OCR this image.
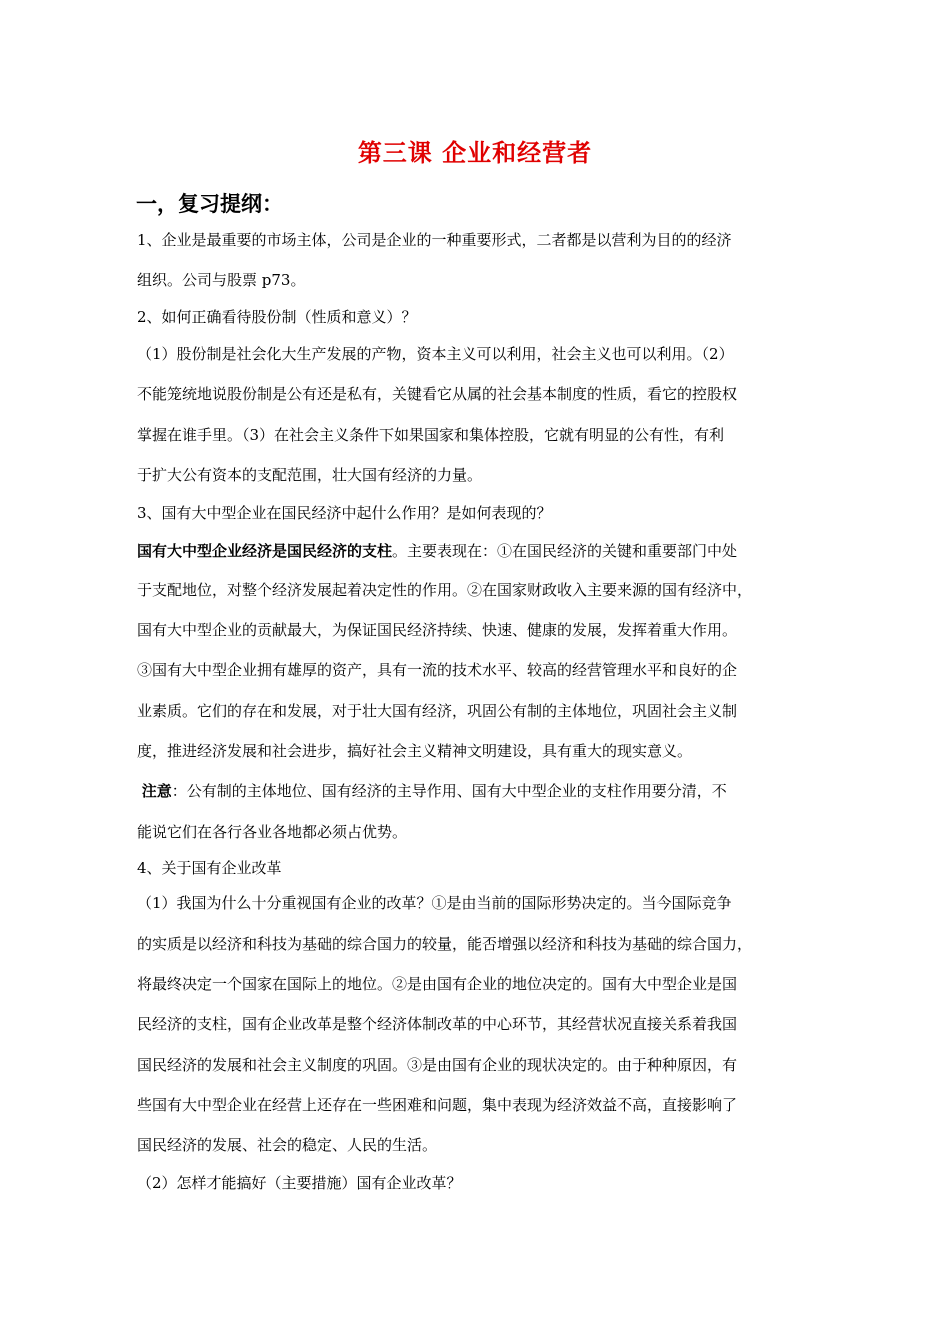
第三课 企业和经营者
一，复习提纲：
1、企业是最重要的市场主体，公司是企业的一种重要形式，二者都是以营利为目的的经济
组织。公司与股票 p73。
2、如何正确看待股份制（性质和意义）？
（1）股份制是社会化大生产发展的产物，资本主义可以利用，社会主义也可以利用。（2）
不能笼统地说股份制是公有还是私有，关键看它从属的社会基本制度的性质，看它的控股权
掌握在谁手里。（3）在社会主义条件下如果国家和集体控股，它就有明显的公有性，有利
于扩大公有资本的支配范围，壮大国有经济的力量。
3、国有大中型企业在国民经济中起什么作用？是如何表现的？
国有大中型企业经济是国民经济的支柱。主要表现在：①在国民经济的关键和重要部门中处
于支配地位，对整个经济发展起着决定性的作用。②在国家财政收入主要来源的国有经济中，
国有大中型企业的贡献最大，为保证国民经济持续、快速、健康的发展，发挥着重大作用。
③国有大中型企业拥有雄厚的资产，具有一流的技术水平、较高的经营管理水平和良好的企
业素质。它们的存在和发展，对于壮大国有经济，巩固公有制的主体地位，巩固社会主义制
度，推进经济发展和社会进步，搞好社会主义精神文明建设，具有重大的现实意义。
注意：公有制的主体地位、国有经济的主导作用、国有大中型企业的支柱作用要分清，不
能说它们在各行各业各地都必须占优势。
4、关于国有企业改革
（1）我国为什么十分重视国有企业的改革？①是由当前的国际形势决定的。当今国际竞争
的实质是以经济和科技为基础的综合国力的较量，能否增强以经济和科技为基础的综合国力，
将最终决定一个国家在国际上的地位。②是由国有企业的地位决定的。国有大中型企业是国
民经济的支柱，国有企业改革是整个经济体制改革的中心环节，其经营状况直接关系着我国
国民经济的发展和社会主义制度的巩固。③是由国有企业的现状决定的。由于种种原因，有
些国有大中型企业在经营上还存在一些困难和问题，集中表现为经济效益不高，直接影响了
国民经济的发展、社会的稳定、人民的生活。
（2）怎样才能搞好（主要措施）国有企业改革？
